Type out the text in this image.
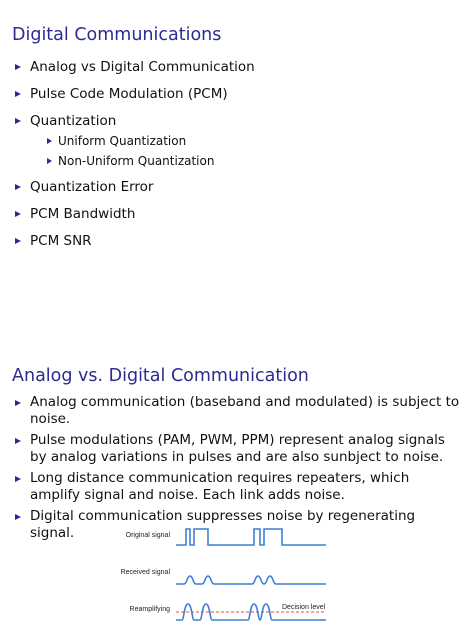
Digital Communications
Analog vs Digital Communication
Pulse Code Modulation (PCM)
Quantization
Uniform Quantization
Non-Uniform Quantization
Quantization Error
PCM Bandwidth
PCM SNR
Analog vs. Digital Communication
Analog communication (baseband and modulated) is subject to noise.
Pulse modulations (PAM, PWM, PPM) represent analog signals by analog variations in pulses and are also sunbject to noise.
Long distance communication requires repeaters, which amplify signal and noise. Each link adds noise.
Digital communication suppresses noise by regenerating signal.	Original signal
Received signal
Reamplifying	Decision level
